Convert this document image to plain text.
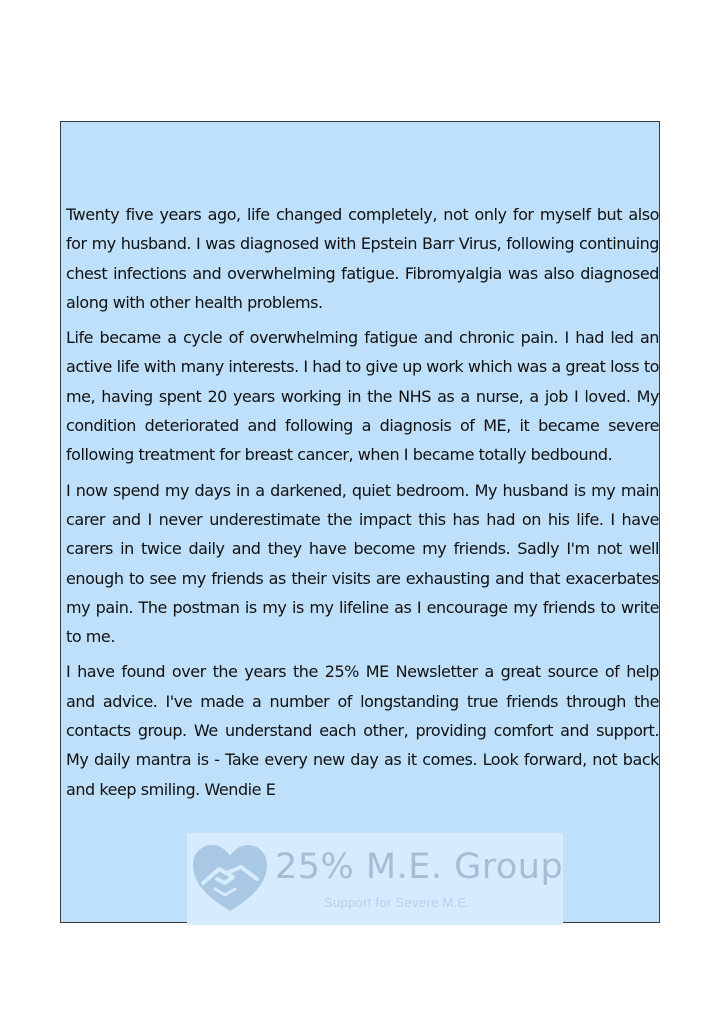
Twenty five years ago, life changed completely, not only for myself but also for my husband. I was diagnosed with Epstein Barr Virus, following continuing chest infections and overwhelming fatigue. Fibromyalgia was also diagnosed along with other health problems.

Life became a cycle of overwhelming fatigue and chronic pain. I had led an active life with many interests. I had to give up work which was a great loss to me, having spent 20 years working in the NHS as a nurse, a job I loved. My condition deteriorated and following a diagnosis of ME, it became severe following treatment for breast cancer, when I became totally bedbound.

I now spend my days in a darkened, quiet bedroom. My husband is my main carer and I never underestimate the impact this has had on his life. I have carers in twice daily and they have become my friends. Sadly I'm not well enough to see my friends as their visits are exhausting and that exacerbates my pain. The postman is my is my lifeline as I encourage my friends to write to me.

I have found over the years the 25% ME Newsletter a great source of help and advice. I've made a number of longstanding true friends through the contacts group. We understand each other, providing comfort and support. My daily mantra is - Take every new day as it comes. Look forward, not back and keep smiling. Wendie E

25% M.E. Group
Support for Severe M.E.
